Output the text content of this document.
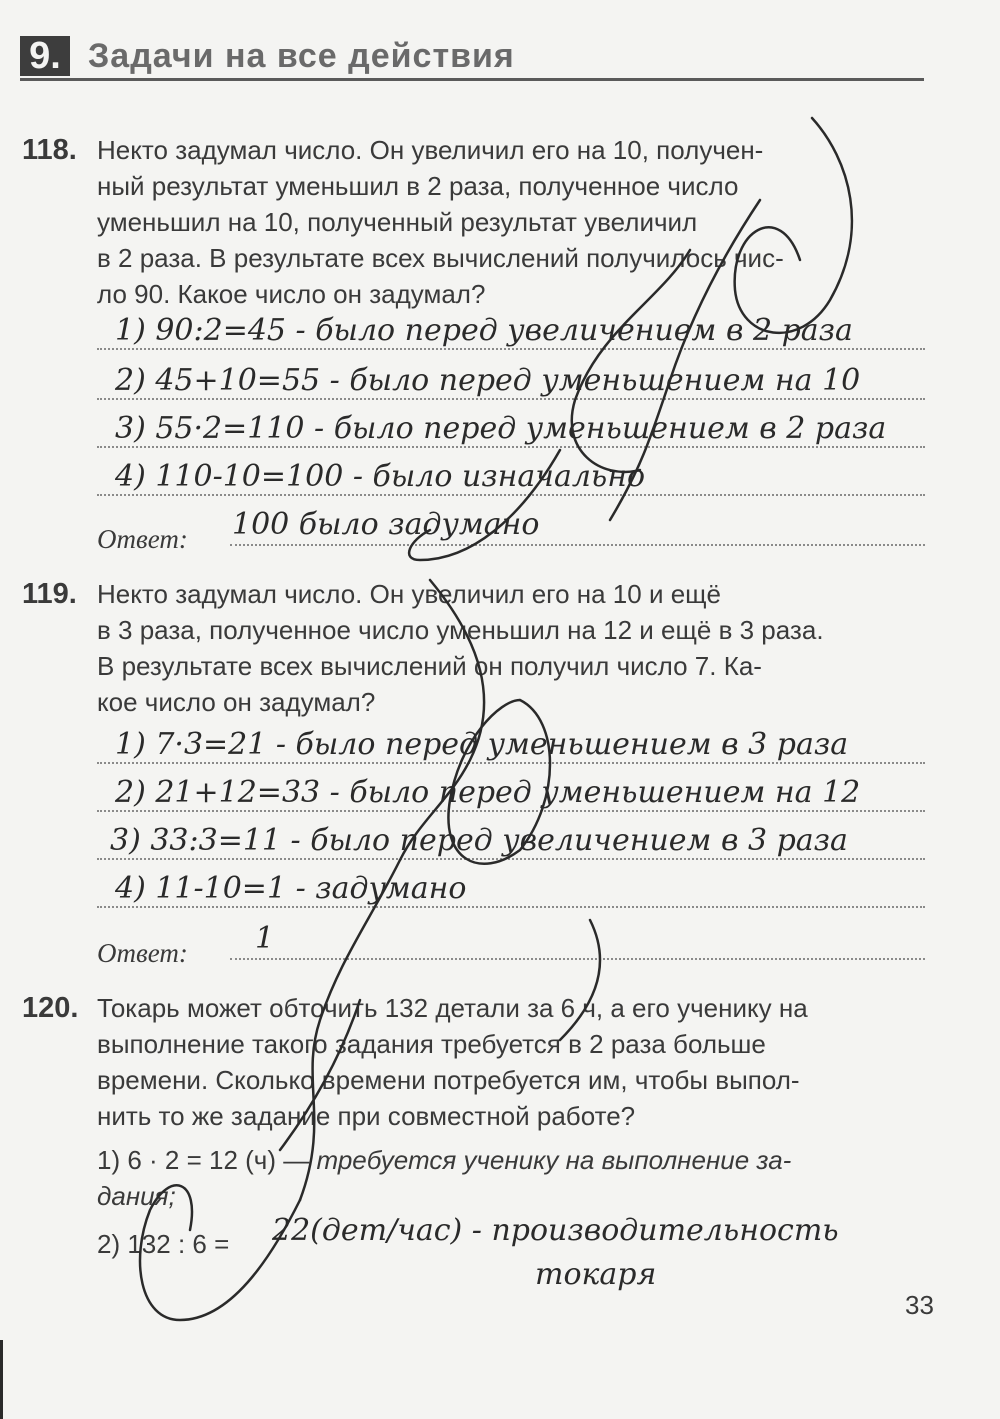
9. Задачи на все действия
118. Некто задумал число. Он увеличил его на 10, получен-
ный результат уменьшил в 2 раза, полученное число
уменьшил на 10, полученный результат увеличил
в 2 раза. В результате всех вычислений получилось чис-
ло 90. Какое число он задумал?
1) 90:2=45 - было перед увеличением в 2 раза
2) 45+10=55 - было перед уменьшением на 10
3) 55·2=110 - было перед уменьшением в 2 раза
4) 110-10=100 - было изначально
Ответ: 100 было задумано
119. Некто задумал число. Он увеличил его на 10 и ещё
в 3 раза, полученное число уменьшил на 12 и ещё в 3 раза.
В результате всех вычислений он получил число 7. Ка-
кое число он задумал?
1) 7·3=21 - было перед уменьшением в 3 раза
2) 21+12=33 - было перед уменьшением на 12
3) 33:3=11 - было перед увеличением в 3 раза
4) 11-10=1 - задумано
Ответ: 1
120. Токарь может обточить 132 детали за 6 ч, а его ученику на
выполнение такого задания требуется в 2 раза больше
времени. Сколько времени потребуется им, чтобы выпол-
нить то же задание при совместной работе?
1) 6 · 2 = 12 (ч) — требуется ученику на выполнение за-
дания;
2) 132 : 6 = 22(дет/час) - производительность
токаря
33
